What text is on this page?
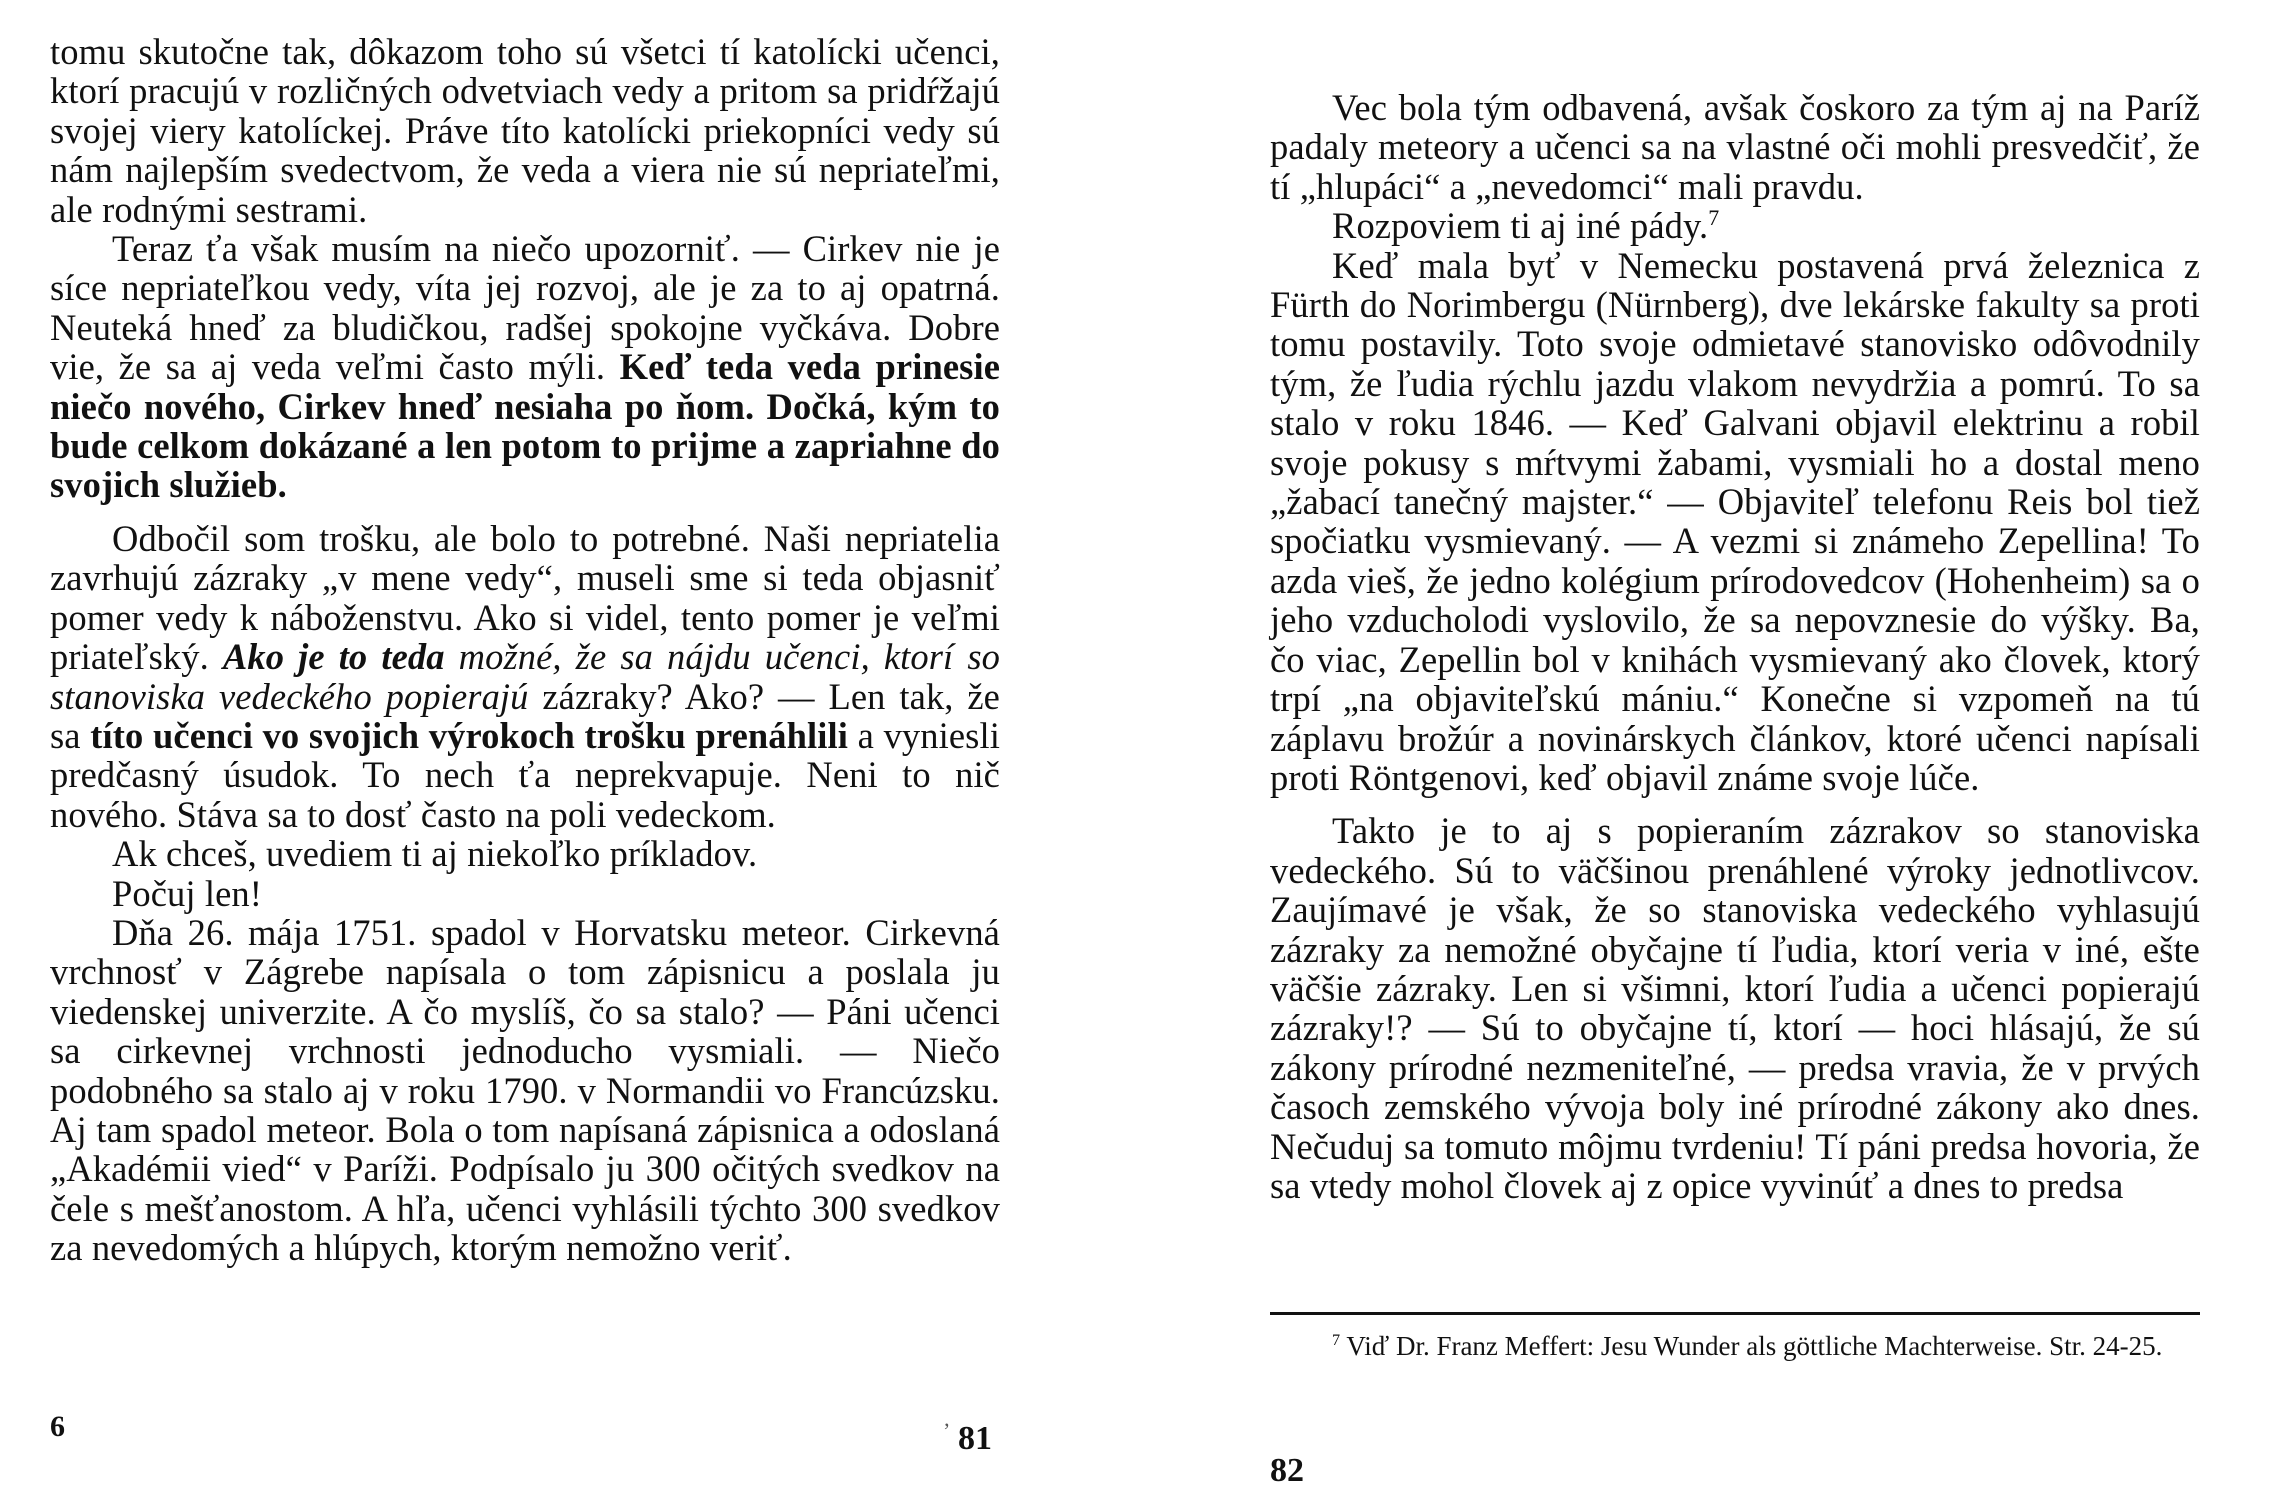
tomu skutočne tak, dôkazom toho sú všetci tí katolícki učenci, ktorí pracujú v rozličných odvetviach vedy a pritom sa pridŕžajú svojej viery katolíckej. Práve títo katolícki priekopníci vedy sú nám najlepším svedectvom, že veda a viera nie sú nepriateľmi, ale rodnými sestrami.

Teraz ťa však musím na niečo upozorniť. — Cirkev nie je síce nepriateľkou vedy, víta jej rozvoj, ale je za to aj opatrná. Neuteká hneď za bludičkou, radšej spokojne vyčkáva. Dobre vie, že sa aj veda veľmi často mýli. Keď teda veda prinesie niečo nového, Cirkev hneď nesiaha po ňom. Dočká, kým to bude celkom dokázané a len potom to prijme a zapriahne do svojich služieb.

Odbočil som trošku, ale bolo to potrebné. Naši nepriatelia zavrhujú zázraky „v mene vedy“, museli sme si teda objasniť pomer vedy k náboženstvu. Ako si videl, tento pomer je veľmi priateľský. Ako je to teda možné, že sa nájdu učenci, ktorí so stanoviska vedeckého popierajú zázraky? Ako? — Len tak, že sa títo učenci vo svojich výrokoch trošku prenáhlili a vyniesli predčasný úsudok. To nech ťa neprekvapuje. Neni to nič nového. Stáva sa to dosť často na poli vedeckom.

Ak chceš, uvediem ti aj niekoľko príkladov.

Počuj len!

Dňa 26. mája 1751. spadol v Horvatsku meteor. Cirkevná vrchnosť v Zágrebe napísala o tom zápisnicu a poslala ju viedenskej univerzite. A čo myslíš, čo sa stalo? — Páni učenci sa cirkevnej vrchnosti jednoducho vysmiali. — Niečo podobného sa stalo aj v roku 1790. v Normandii vo Francúzsku. Aj tam spadol meteor. Bola o tom napísaná zápisnica a odoslaná „Akadémii vied“ v Paríži. Podpísalo ju 300 očitých svedkov na čele s mešťanostom. A hľa, učenci vyhlásili týchto 300 svedkov za nevedomých a hlúpych, ktorým nemožno veriť.

6	’ 81

Vec bola tým odbavená, avšak čoskoro za tým aj na Paríž padaly meteory a učenci sa na vlastné oči mohli presvedčiť, že tí „hlupáci“ a „nevedomci“ mali pravdu.

Rozpoviem ti aj iné pády.$^7$

Keď mala byť v Nemecku postavená prvá železnica z Fürth do Norimbergu (Nürnberg), dve lekárske fakulty sa proti tomu postavily. Toto svoje odmietavé stanovisko odôvodnily tým, že ľudia rýchlu jazdu vlakom nevydržia a pomrú. To sa stalo v roku 1846. — Keď Galvani objavil elektrinu a robil svoje pokusy s mŕtvymi žabami, vysmiali ho a dostal meno „žabací tanečný majster.“ — Objaviteľ telefonu Reis bol tiež spočiatku vysmievaný. — A vezmi si známeho Zepellina! To azda vieš, že jedno kolégium prírodovedcov (Hohenheim) sa o jeho vzducholodi vyslovilo, že sa nepovznesie do výšky. Ba, čo viac, Zepellin bol v knihách vysmievaný ako človek, ktorý trpí „na objaviteľskú mániu.“ Konečne si vzpomeň na tú záplavu brožúr a novinárskych článkov, ktoré učenci napísali proti Röntgenovi, keď objavil známe svoje lúče.

Takto je to aj s popieraním zázrakov so stanoviska vedeckého. Sú to väčšinou prenáhlené výroky jednotlivcov. Zaujímavé je však, že so stanoviska vedeckého vyhlasujú zázraky za nemožné obyčajne tí ľudia, ktorí veria v iné, ešte väčšie zázraky. Len si všimni, ktorí ľudia a učenci popierajú zázraky!? — Sú to obyčajne tí, ktorí — hoci hlásajú, že sú zákony prírodné nezmeniteľné, — predsa vravia, že v prvých časoch zemského vývoja boly iné prírodné zákony ako dnes. Nečuduj sa tomuto môjmu tvrdeniu! Tí páni predsa hovoria, že sa vtedy mohol človek aj z opice vyvinúť a dnes to predsa

$^7$ Viď Dr. Franz Meffert: Jesu Wunder als göttliche Machterweise. Str. 24-25.

82
